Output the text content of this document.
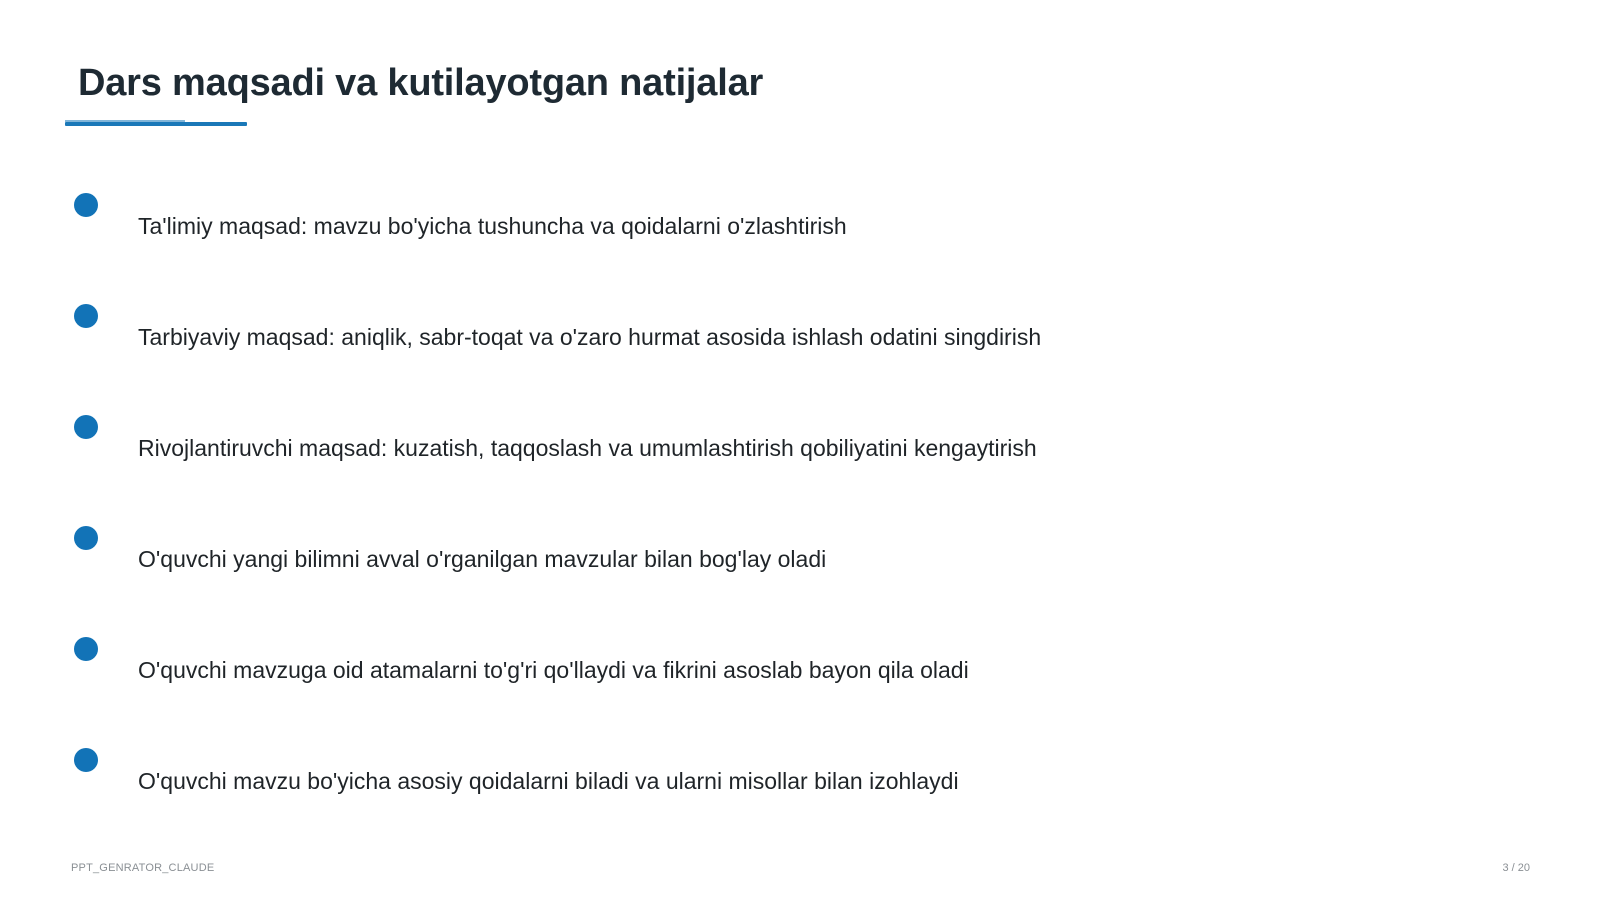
Dars maqsadi va kutilayotgan natijalar
Ta'limiy maqsad: mavzu bo'yicha tushuncha va qoidalarni o'zlashtirish
Tarbiyaviy maqsad: aniqlik, sabr-toqat va o'zaro hurmat asosida ishlash odatini singdirish
Rivojlantiruvchi maqsad: kuzatish, taqqoslash va umumlashtirish qobiliyatini kengaytirish
O'quvchi yangi bilimni avval o'rganilgan mavzular bilan bog'lay oladi
O'quvchi mavzuga oid atamalarni to'g'ri qo'llaydi va fikrini asoslab bayon qila oladi
O'quvchi mavzu bo'yicha asosiy qoidalarni biladi va ularni misollar bilan izohlaydi
PPT_GENRATOR_CLAUDE	3 / 20
